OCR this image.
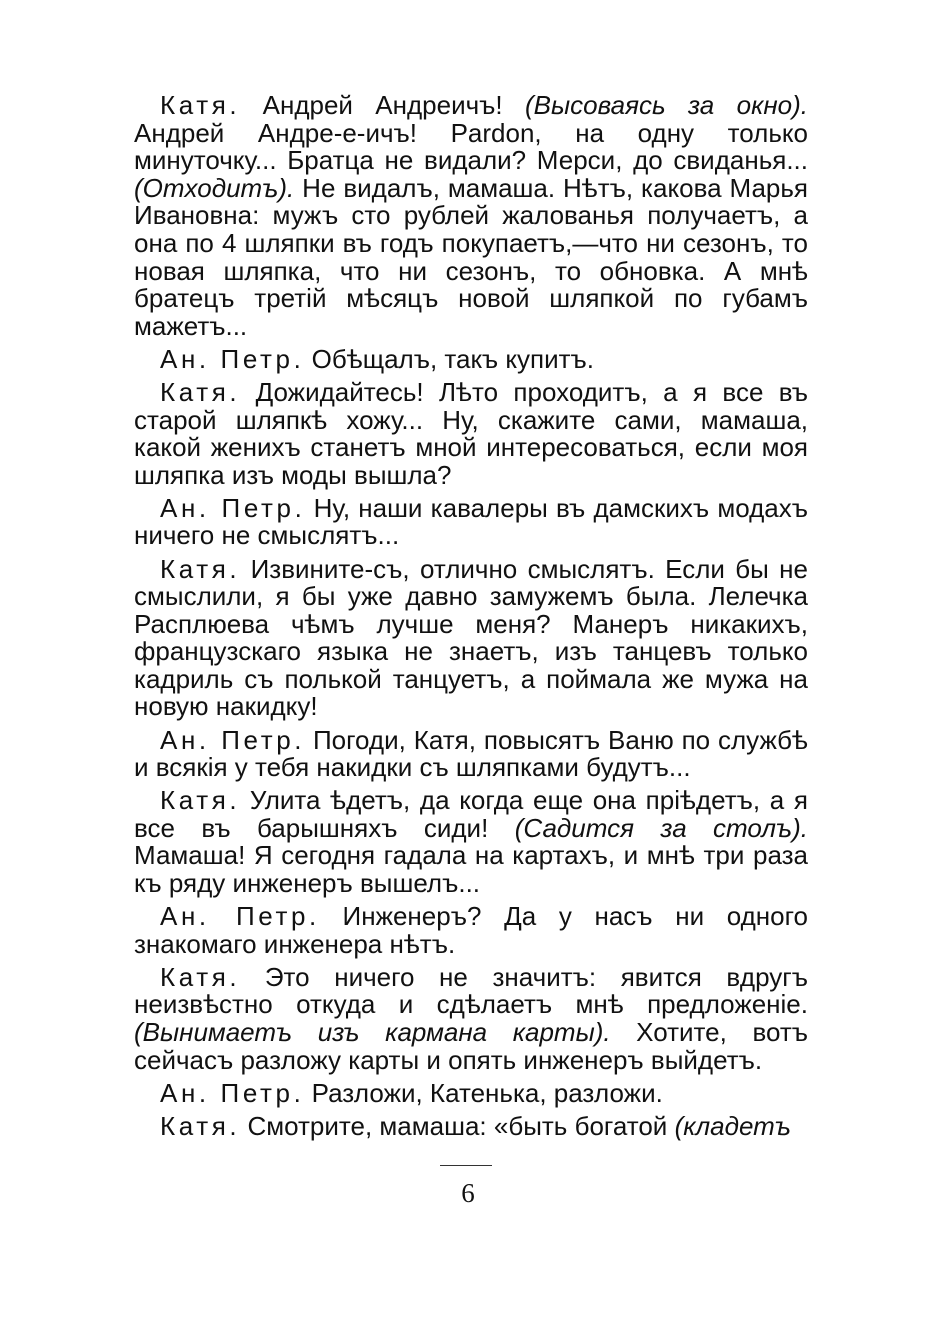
Катя. Андрей Андреичъ! (Высоваясь за окно). Андрей Андре-е-ичъ! Pardon, на одну только минуточку... Братца не видали? Мерси, до свиданья... (Отходитъ). Не видалъ, мамаша. Нѣтъ, какова Марья Ивановна: мужъ сто рублей жалованья получаетъ, а она по 4 шляпки въ годъ покупаетъ,—что ни сезонъ, то новая шляпка, что ни сезонъ, то обновка. А мнѣ братецъ третій мѣсяцъ новой шляпкой по губамъ мажетъ...

Ан. Петр. Обѣщалъ, такъ купитъ.

Катя. Дожидайтесь! Лѣто проходитъ, а я все въ старой шляпкѣ хожу... Ну, скажите сами, мамаша, какой женихъ станетъ мной интересоваться, если моя шляпка изъ моды вышла?

Ан. Петр. Ну, наши кавалеры въ дамскихъ модахъ ничего не смыслятъ...

Катя. Извините-съ, отлично смыслятъ. Если бы не смыслили, я бы уже давно замужемъ была. Лелечка Расплюева чѣмъ лучше меня? Манеръ никакихъ, французскаго языка не знаетъ, изъ танцевъ только кадриль съ полькой танцуетъ, а поймала же мужа на новую накидку!

Ан. Петр. Погоди, Катя, повысятъ Ваню по службѣ и всякія у тебя накидки съ шляпками будутъ...

Катя. Улита ѣдетъ, да когда еще она пріѣдетъ, а я все въ барышняхъ сиди! (Садится за столъ). Мамаша! Я сегодня гадала на картахъ, и мнѣ три раза къ ряду инженеръ вышелъ...

Ан. Петр. Инженеръ? Да у насъ ни одного знакомаго инженера нѣтъ.

Катя. Это ничего не значитъ: явится вдругъ неизвѣстно откуда и сдѣлаетъ мнѣ предложеніе. (Вынимаетъ изъ кармана карты). Хотите, вотъ сейчасъ разложу карты и опять инженеръ выйдетъ.

Ан. Петр. Разложи, Катенька, разложи.

Катя. Смотрите, мамаша: «быть богатой (кладетъ

6
